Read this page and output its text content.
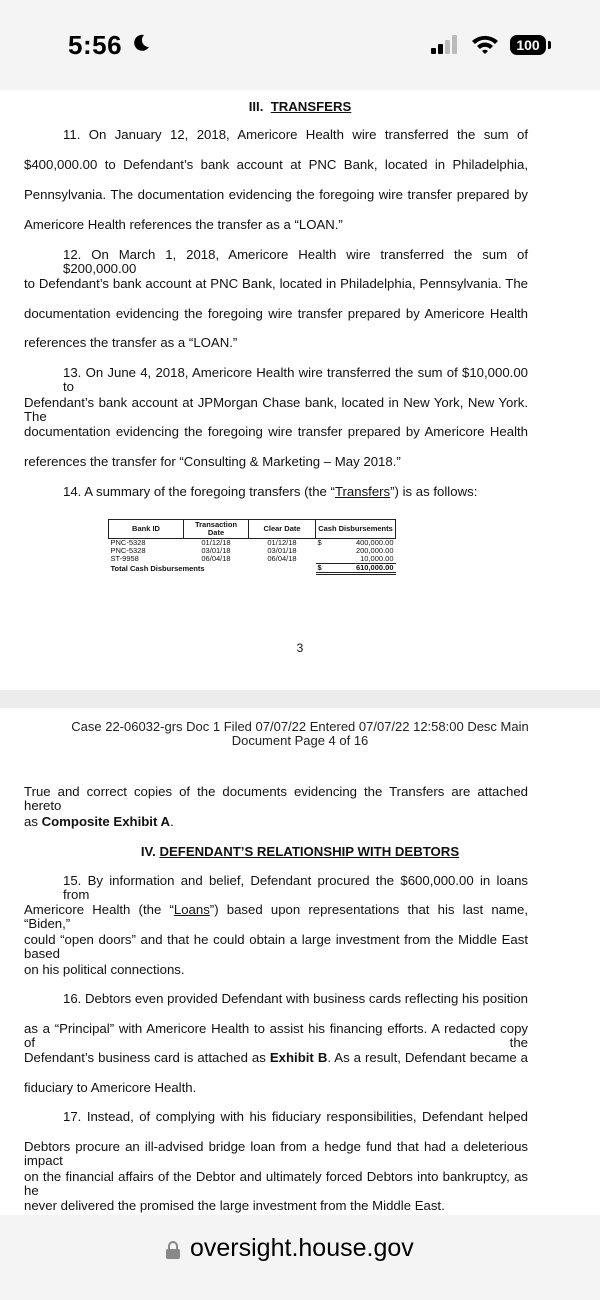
5:56	100
III. TRANSFERS

11. On January 12, 2018, Americore Health wire transferred the sum of

$400,000.00 to Defendant’s bank account at PNC Bank, located in Philadelphia,

Pennsylvania. The documentation evidencing the foregoing wire transfer prepared by

Americore Health references the transfer as a “LOAN.”

12. On March 1, 2018, Americore Health wire transferred the sum of $200,000.00

to Defendant’s bank account at PNC Bank, located in Philadelphia, Pennsylvania. The

documentation evidencing the foregoing wire transfer prepared by Americore Health

references the transfer as a “LOAN.”

13. On June 4, 2018, Americore Health wire transferred the sum of $10,000.00 to

Defendant’s bank account at JPMorgan Chase bank, located in New York, New York. The

documentation evidencing the foregoing wire transfer prepared by Americore Health

references the transfer for “Consulting & Marketing – May 2018.”

14. A summary of the foregoing transfers (the “Transfers”) is as follows:

Bank ID	Transaction Date	Clear Date	Cash Disbursements	
PNC-5328	01/12/18	01/12/18	$	400,000.00
PNC-5328	03/01/18	03/01/18		200,000.00
ST-9958	06/04/18	06/04/18		10,000.00
Total Cash Disbursements			$	610,000.00
3
Case 22-06032-grs Doc 1 Filed 07/07/22 Entered 07/07/22 12:58:00 Desc Main
Document Page 4 of 16

True and correct copies of the documents evidencing the Transfers are attached hereto

as Composite Exhibit A.

IV. DEFENDANT’S RELATIONSHIP WITH DEBTORS

15. By information and belief, Defendant procured the $600,000.00 in loans from

Americore Health (the “Loans”) based upon representations that his last name, “Biden,”

could “open doors” and that he could obtain a large investment from the Middle East based

on his political connections.

16. Debtors even provided Defendant with business cards reflecting his position

as a “Principal” with Americore Health to assist his financing efforts. A redacted copy of the

Defendant’s business card is attached as Exhibit B. As a result, Defendant became a

fiduciary to Americore Health.

17. Instead, of complying with his fiduciary responsibilities, Defendant helped

Debtors procure an ill-advised bridge loan from a hedge fund that had a deleterious impact

on the financial affairs of the Debtor and ultimately forced Debtors into bankruptcy, as he

never delivered the promised the large investment from the Middle East.

oversight.house.gov
